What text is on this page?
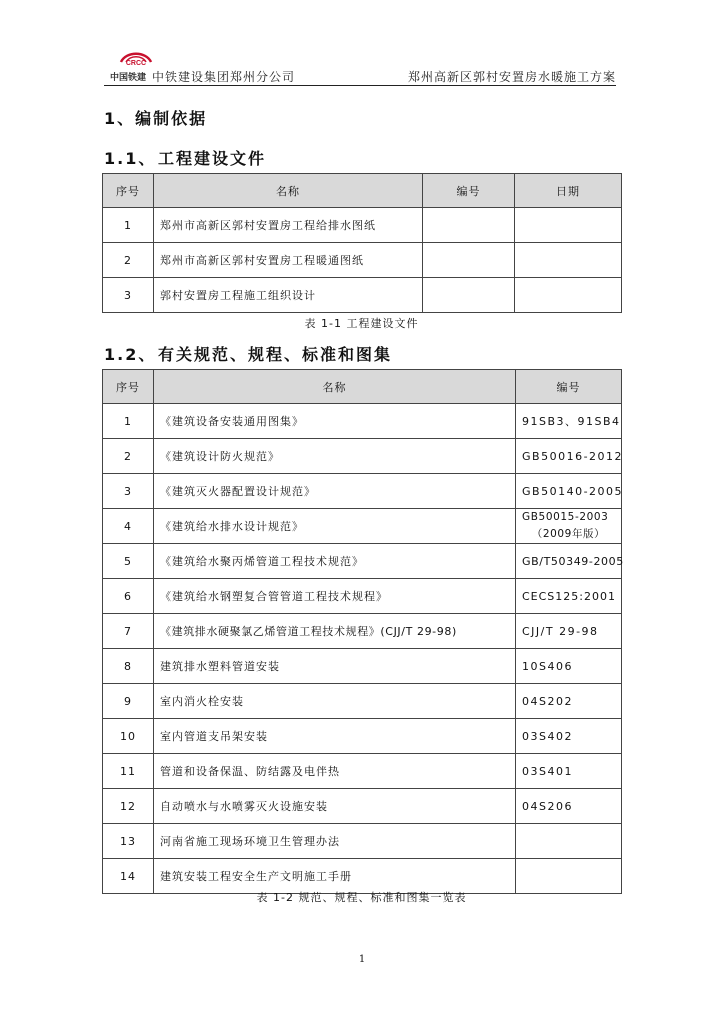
CRCC
中国铁建 中铁建设集团郑州分公司	郑州高新区郭村安置房水暖施工方案
1、编制依据
1.1、 工程建设文件
序号	名称	编号	日期
1	郑州市高新区郭村安置房工程给排水图纸		
2	郑州市高新区郭村安置房工程暖通图纸		
3	郭村安置房工程施工组织设计		
表 1-1 工程建设文件
1.2、 有关规范、规程、标准和图集
序号	名称	编号
1	《建筑设备安装通用图集》	91SB3、91SB4
2	《建筑设计防火规范》	GB50016-2012
3	《建筑灭火器配置设计规范》	GB50140-2005
4	《建筑给水排水设计规范》	GB50015-2003
（2009年版）

5	《建筑给水聚丙烯管道工程技术规范》	GB/T50349-2005
6	《建筑给水钢塑复合管管道工程技术规程》	CECS125:2001
7	《建筑排水硬聚氯乙烯管道工程技术规程》(CJJ/T 29-98)	CJJ/T 29-98
8	建筑排水塑料管道安装	10S406
9	室内消火栓安装	04S202
10	室内管道支吊架安装	03S402
11	管道和设备保温、防结露及电伴热	03S401
12	自动喷水与水喷雾灭火设施安装	04S206
13	河南省施工现场环境卫生管理办法	
14	建筑安装工程安全生产文明施工手册	
表 1-2 规范、规程、标准和图集一览表
1
